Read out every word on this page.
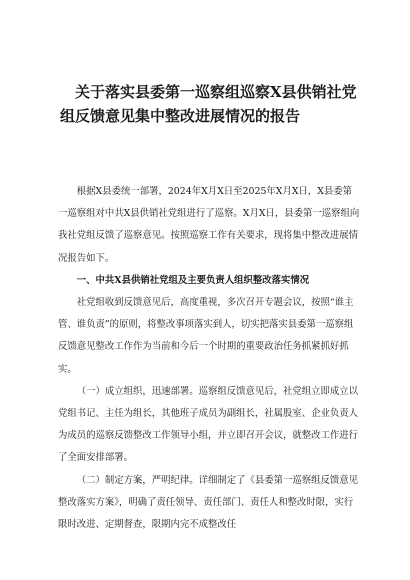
关于落实县委第一巡察组巡察X县供销社党组反馈意见集中整改进展情况的报告

根据X县委统一部署，2024年X月X日至2025年X月X日，X县委第一巡察组对中共X县供销社党组进行了巡察。X月X日，县委第一巡察组向我社党组反馈了巡察意见。按照巡察工作有关要求，现将集中整改进展情况报告如下。

一、中共X县供销社党组及主要负责人组织整改落实情况

社党组收到反馈意见后，高度重视，多次召开专题会议，按照“谁主管、谁负责”的原则，将整改事项落实到人，切实把落实县委第一巡察组反馈意见整改工作作为当前和今后一个时期的重要政治任务抓紧抓好抓实。

（一）成立组织，迅速部署。巡察组反馈意见后，社党组立即成立以党组书记、主任为组长，其他班子成员为副组长，社属股室、企业负责人为成员的巡察反馈整改工作领导小组，并立即召开会议，就整改工作进行了全面安排部署。

（二）制定方案，严明纪律。详细制定了《县委第一巡察组反馈意见整改落实方案》，明确了责任领导、责任部门、责任人和整改时限，实行限时改进、定期督查，限期内完不成整改任
